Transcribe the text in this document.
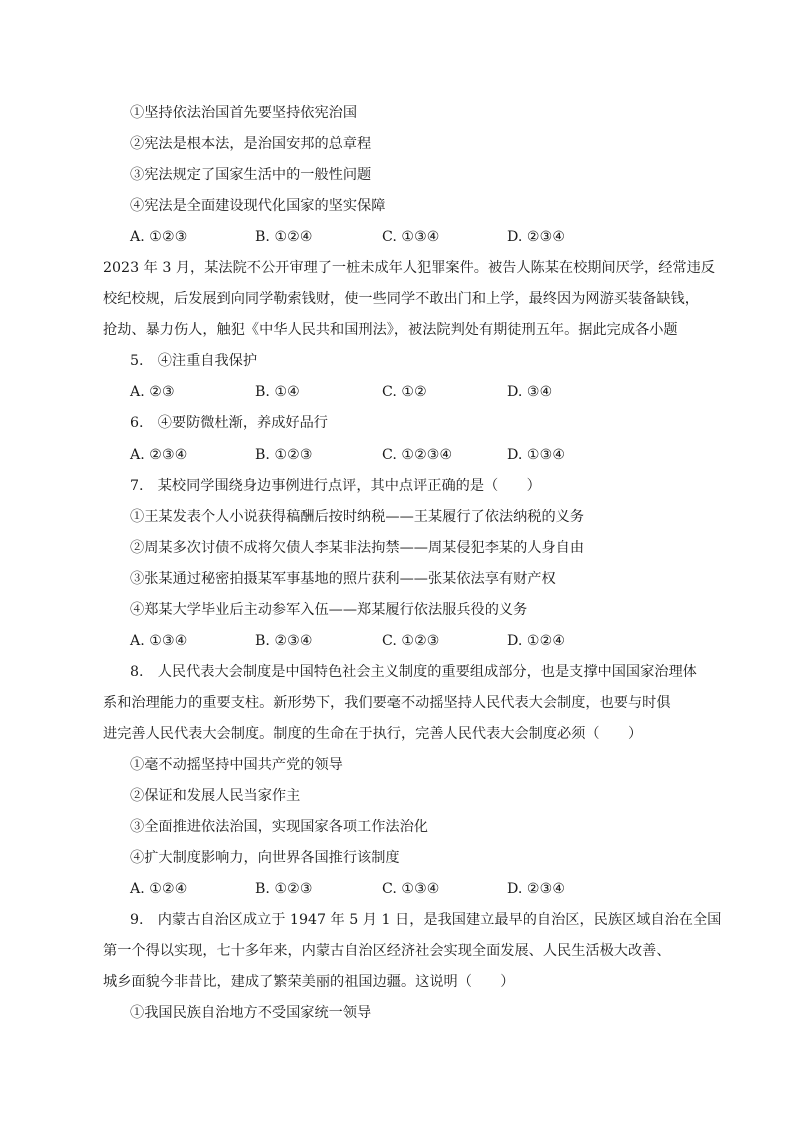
①坚持依法治国首先要坚持依宪治国
②宪法是根本法，是治国安邦的总章程
③宪法规定了国家生活中的一般性问题
④宪法是全面建设现代化国家的坚实保障
A. ①②③	B. ①②④	C. ①③④	D. ②③④
2023 年 3 月，某法院不公开审理了一桩未成年人犯罪案件。被告人陈某在校期间厌学，经常违反
校纪校规，后发展到向同学勒索钱财，使一些同学不敢出门和上学，最终因为网游买装备缺钱，
抢劫、暴力伤人，触犯《中华人民共和国刑法》，被法院判处有期徒刑五年。据此完成各小题
5.　④注重自我保护
A. ②③	B. ①④	C. ①②	D. ③④
6.　④要防微杜渐，养成好品行
A. ②③④	B. ①②③	C. ①②③④	D. ①③④
7.　某校同学围绕身边事例进行点评，其中点评正确的是（　　）
①王某发表个人小说获得稿酬后按时纳税——王某履行了依法纳税的义务
②周某多次讨债不成将欠债人李某非法拘禁——周某侵犯李某的人身自由
③张某通过秘密拍摄某军事基地的照片获利——张某依法享有财产权
④郑某大学毕业后主动参军入伍——郑某履行依法服兵役的义务
A. ①③④	B. ②③④	C. ①②③	D. ①②④
8.　人民代表大会制度是中国特色社会主义制度的重要组成部分，也是支撑中国国家治理体
系和治理能力的重要支柱。新形势下，我们要毫不动摇坚持人民代表大会制度，也要与时俱
进完善人民代表大会制度。制度的生命在于执行，完善人民代表大会制度必须（　　）
①毫不动摇坚持中国共产党的领导
②保证和发展人民当家作主
③全面推进依法治国，实现国家各项工作法治化
④扩大制度影响力，向世界各国推行该制度
A. ①②④	B. ①②③	C. ①③④	D. ②③④
9.　内蒙古自治区成立于 1947 年 5 月 1 日，是我国建立最早的自治区，民族区域自治在全国
第一个得以实现，七十多年来，内蒙古自治区经济社会实现全面发展、人民生活极大改善、
城乡面貌今非昔比，建成了繁荣美丽的祖国边疆。这说明（　　）
①我国民族自治地方不受国家统一领导
